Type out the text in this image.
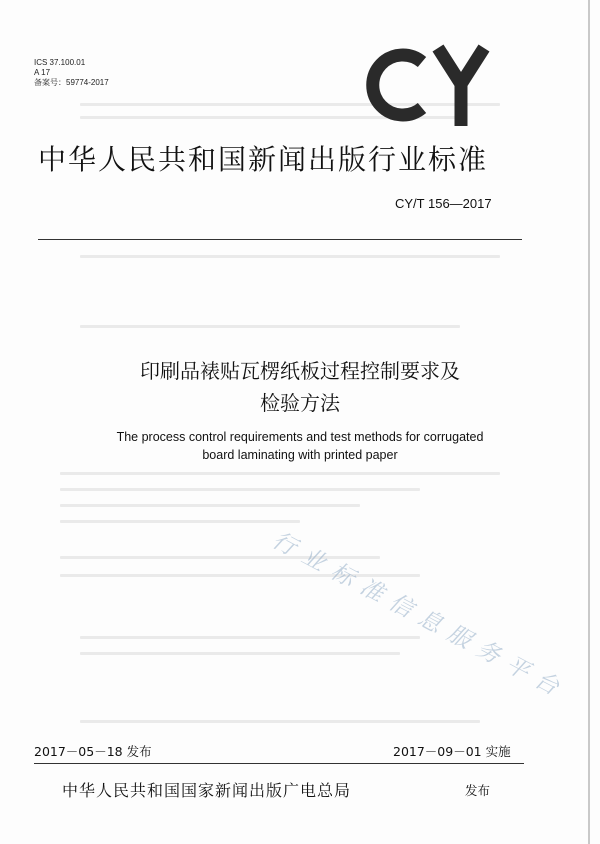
ICS 37.100.01
A 17
备案号：59774-2017
中华人民共和国新闻出版行业标准
CY/T 156—2017
印刷品裱贴瓦楞纸板过程控制要求及
检验方法
The process control requirements and test methods for corrugated
board laminating with printed paper
行业标准信息服务平台
2017－05－18 发布	2017－09－01 实施
中华人民共和国国家新闻出版广电总局	发布
